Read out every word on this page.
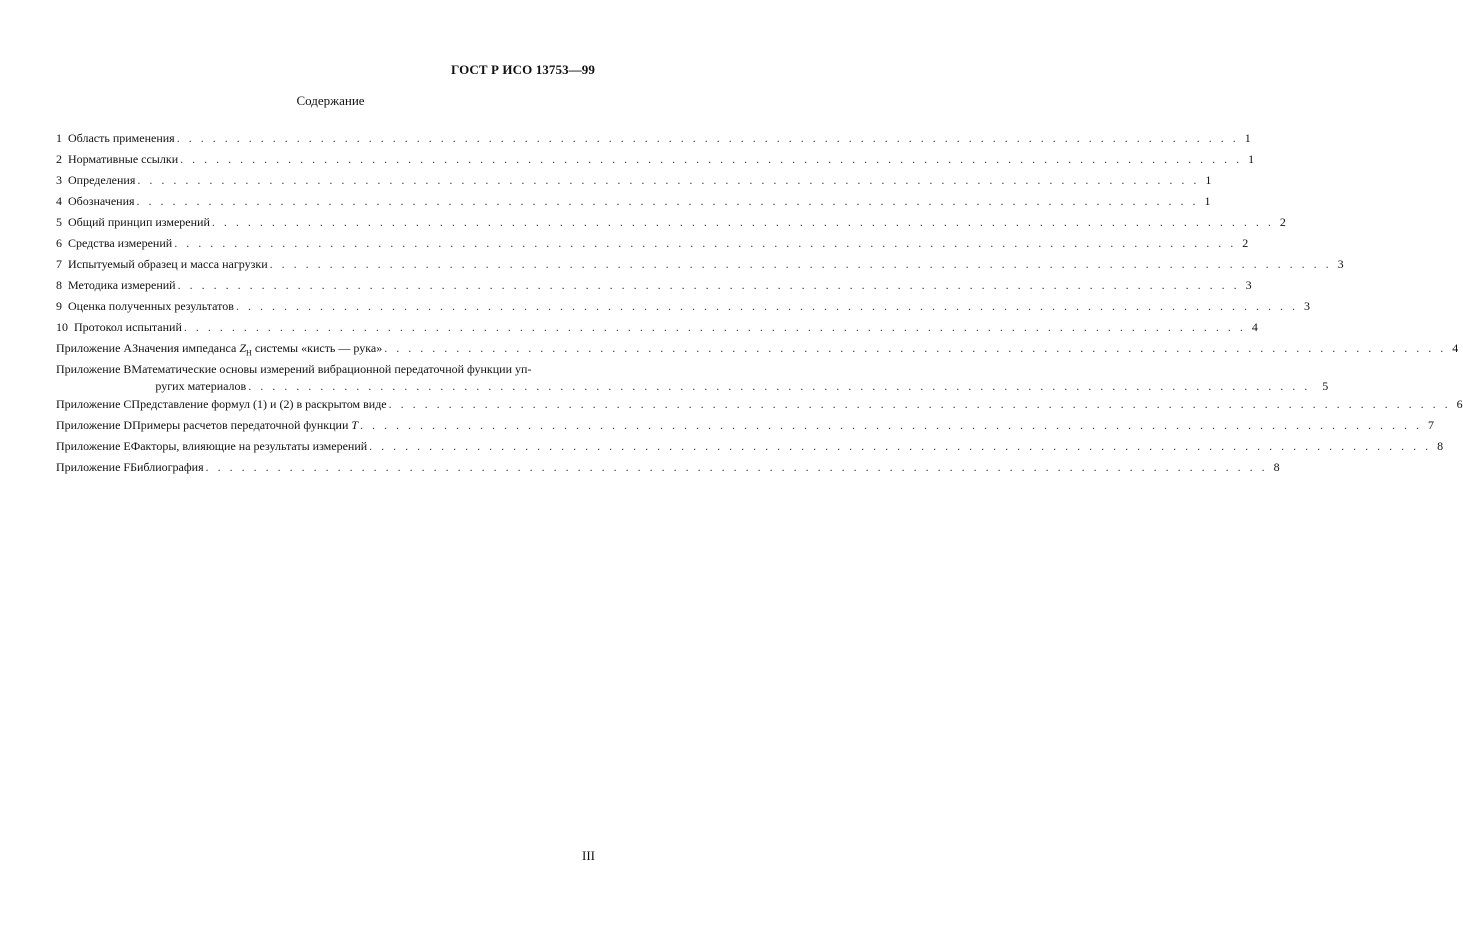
ГОСТ Р ИСО 13753—99
Содержание
1 Область применения . . . . . . . . . . . . . . . . . . . . . . . . . . . . . . . . . . . . . . . . . . . . . . . . . . . . . . . . . . . . . . . . . . . . . . . . . . . . . . . . . . . . . . . . . 1
2 Нормативные ссылки . . . . . . . . . . . . . . . . . . . . . . . . . . . . . . . . . . . . . . . . . . . . . . . . . . . . . . . . . . . . . . . . . . . . . . . . . . . . . . . . . . . . . . . . . 1
3 Определения . . . . . . . . . . . . . . . . . . . . . . . . . . . . . . . . . . . . . . . . . . . . . . . . . . . . . . . . . . . . . . . . . . . . . . . . . . . . . . . . . . . . . . . . . 1
4 Обозначения . . . . . . . . . . . . . . . . . . . . . . . . . . . . . . . . . . . . . . . . . . . . . . . . . . . . . . . . . . . . . . . . . . . . . . . . . . . . . . . . . . . . . . . . . 1
5 Общий принцип измерений . . . . . . . . . . . . . . . . . . . . . . . . . . . . . . . . . . . . . . . . . . . . . . . . . . . . . . . . . . . . . . . . . . . . . . . . . . . . . . . . . . . . . . . . . 2
6 Средства измерений . . . . . . . . . . . . . . . . . . . . . . . . . . . . . . . . . . . . . . . . . . . . . . . . . . . . . . . . . . . . . . . . . . . . . . . . . . . . . . . . . . . . . . . . . 2
7 Испытуемый образец и масса нагрузки . . . . . . . . . . . . . . . . . . . . . . . . . . . . . . . . . . . . . . . . . . . . . . . . . . . . . . . . . . . . . . . . . . . . . . . . . . . . . . . . . . . . . . . . . 3
8 Методика измерений . . . . . . . . . . . . . . . . . . . . . . . . . . . . . . . . . . . . . . . . . . . . . . . . . . . . . . . . . . . . . . . . . . . . . . . . . . . . . . . . . . . . . . . . . 3
9 Оценка полученных результатов . . . . . . . . . . . . . . . . . . . . . . . . . . . . . . . . . . . . . . . . . . . . . . . . . . . . . . . . . . . . . . . . . . . . . . . . . . . . . . . . . . . . . . . . . 3
10 Протокол испытаний . . . . . . . . . . . . . . . . . . . . . . . . . . . . . . . . . . . . . . . . . . . . . . . . . . . . . . . . . . . . . . . . . . . . . . . . . . . . . . . . . . . . . . . . . 4
Приложение А Значения импеданса $Z_H$ системы «кисть — рука» . . . . . . . . . . . . . . . . . . . . . . . . . . . . . . . . . . . . . . . . . . . . . . . . . . . . . . . . . . . . . . . . . . . . . . . . . . . . . . . . . . . . . . . . . 4
Приложение В Математические основы измерений вибрационной передаточной функции уп-
ругих материалов . . . . . . . . . . . . . . . . . . . . . . . . . . . . . . . . . . . . . . . . . . . . . . . . . . . . . . . . . . . . . . . . . . . . . . . . . . . . . . . . . . . . . . . . .	5
Приложение С Представление формул (1) и (2) в раскрытом виде . . . . . . . . . . . . . . . . . . . . . . . . . . . . . . . . . . . . . . . . . . . . . . . . . . . . . . . . . . . . . . . . . . . . . . . . . . . . . . . . . . . . . . . . . 6
Приложение D Примеры расчетов передаточной функции T . . . . . . . . . . . . . . . . . . . . . . . . . . . . . . . . . . . . . . . . . . . . . . . . . . . . . . . . . . . . . . . . . . . . . . . . . . . . . . . . . . . . . . . . . 7
Приложение Е Факторы, влияющие на результаты измерений . . . . . . . . . . . . . . . . . . . . . . . . . . . . . . . . . . . . . . . . . . . . . . . . . . . . . . . . . . . . . . . . . . . . . . . . . . . . . . . . . . . . . . . . . 8
Приложение F Библиография . . . . . . . . . . . . . . . . . . . . . . . . . . . . . . . . . . . . . . . . . . . . . . . . . . . . . . . . . . . . . . . . . . . . . . . . . . . . . . . . . . . . . . . . . 8
III
